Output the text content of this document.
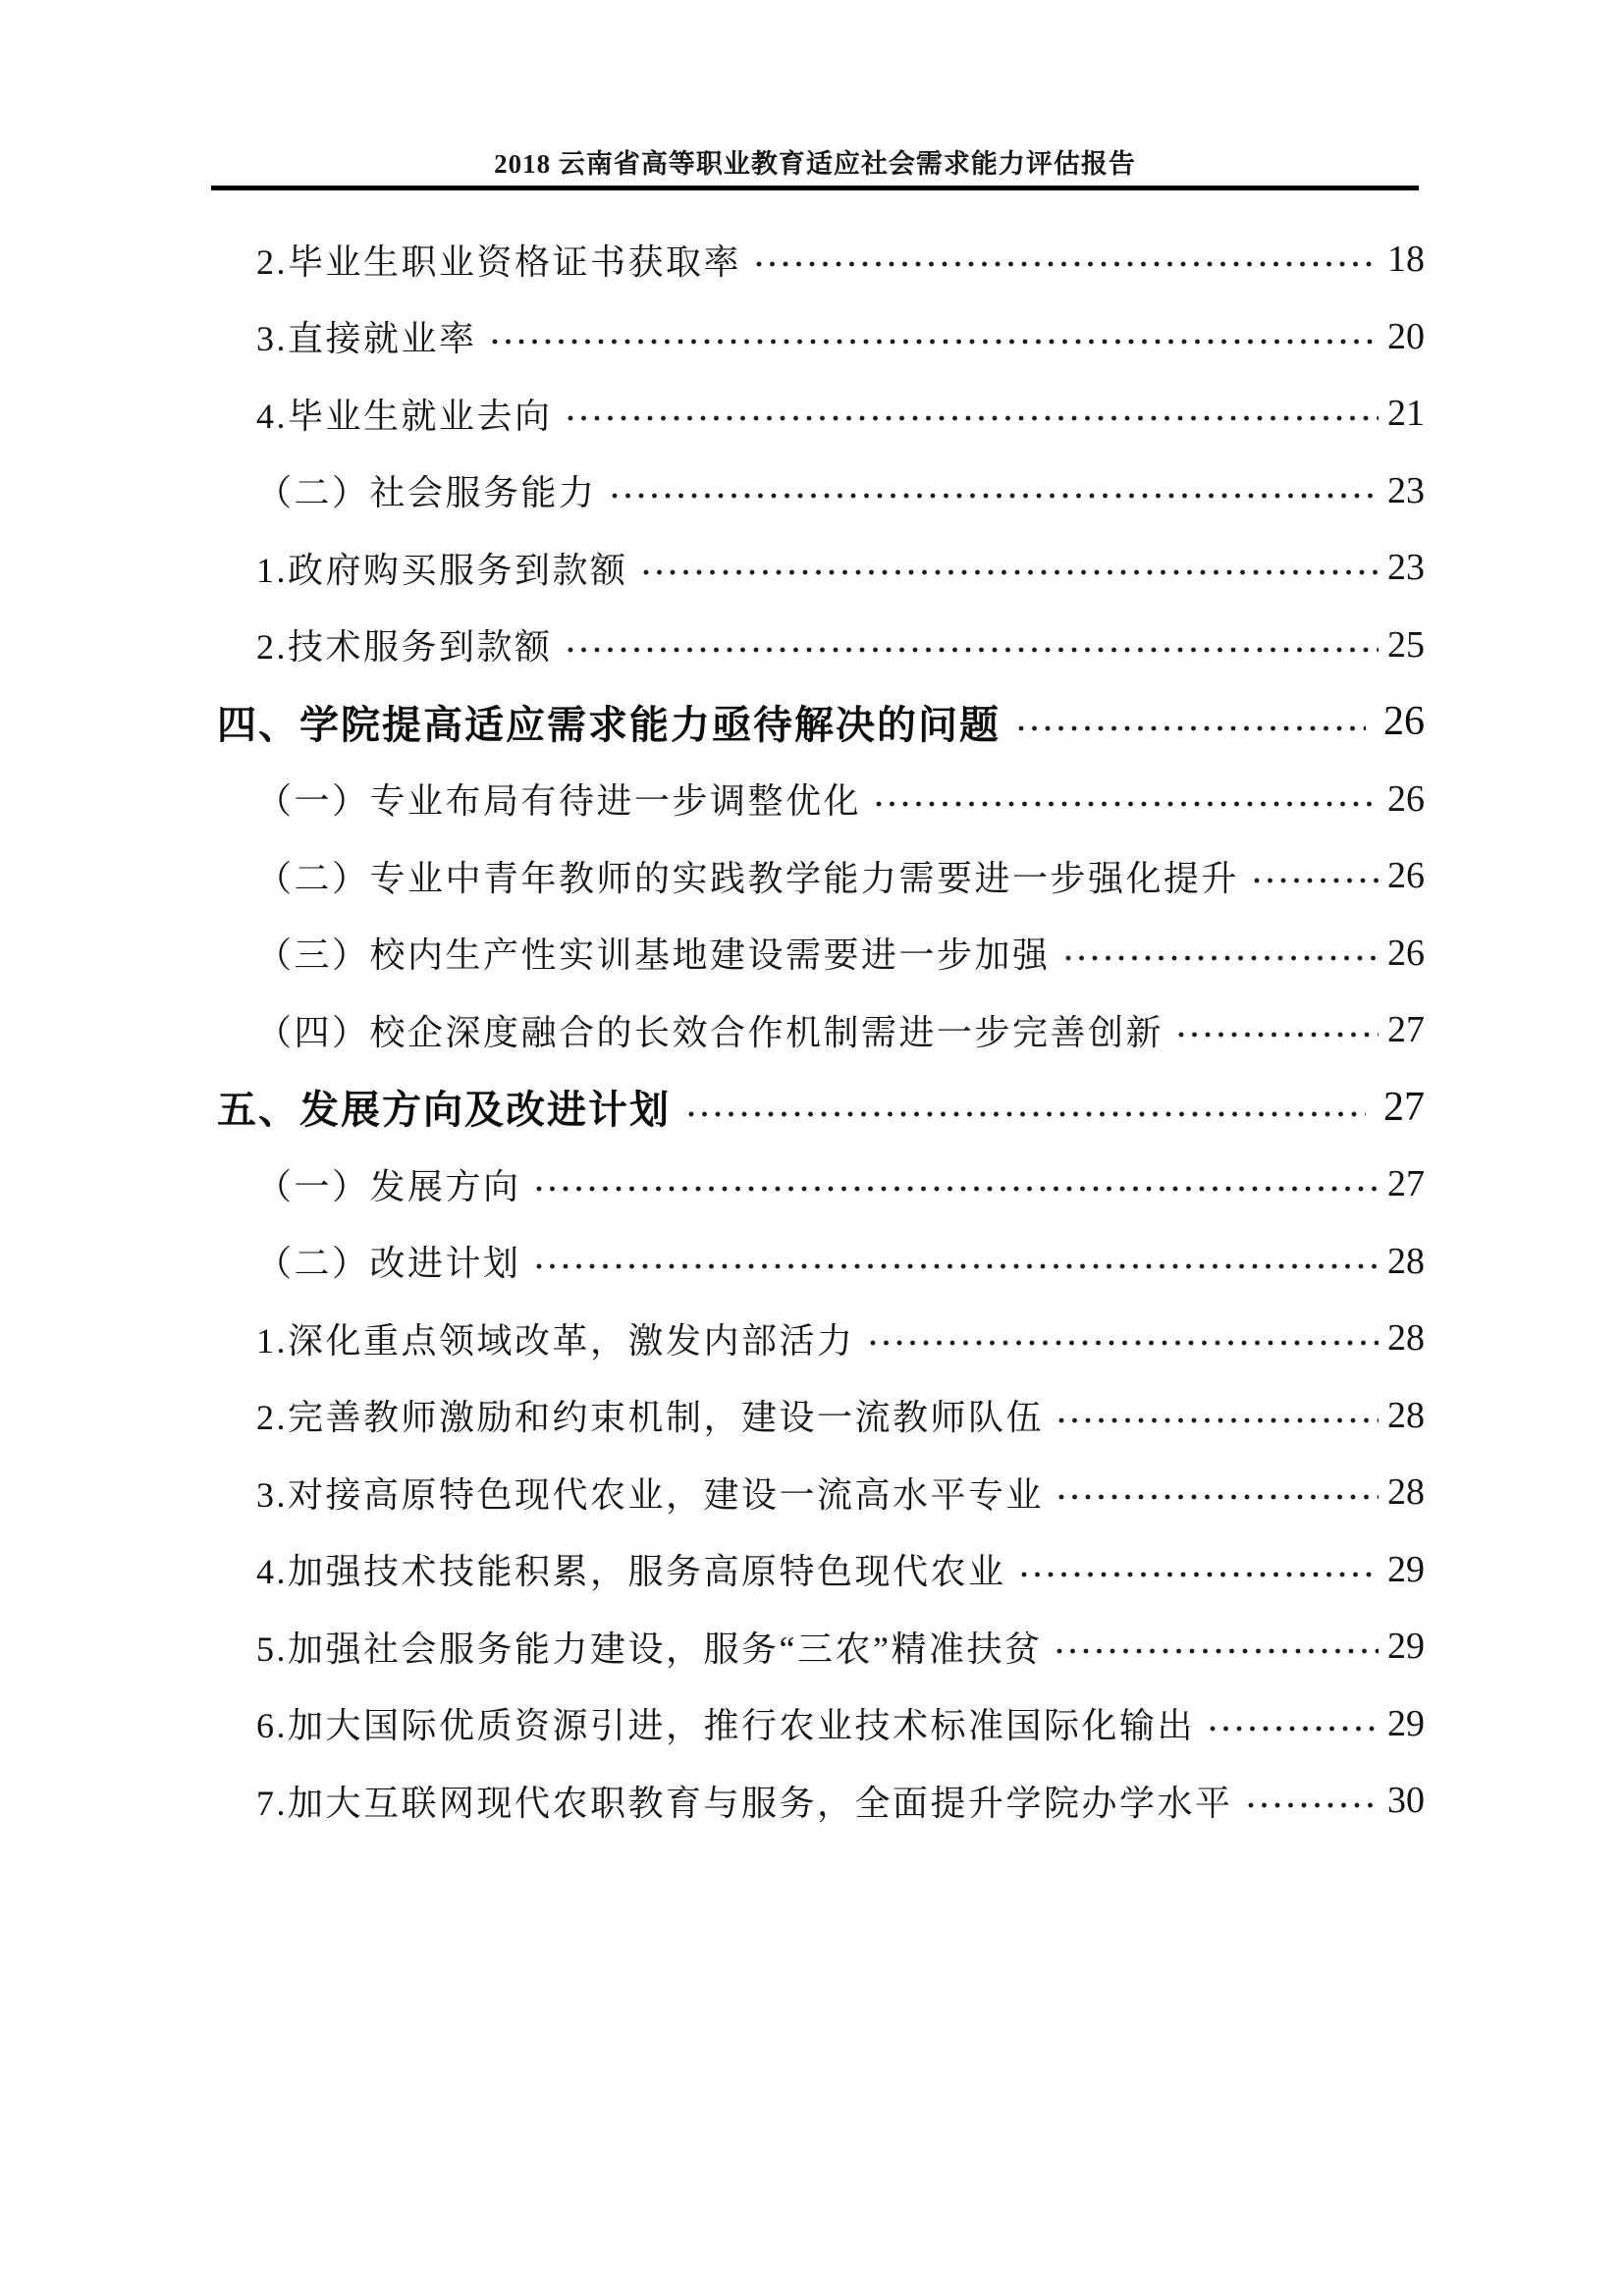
2018 云南省高等职业教育适应社会需求能力评估报告
2.毕业生职业资格证书获取率	18
3.直接就业率	20
4.毕业生就业去向	21
（二）社会服务能力	23
1.政府购买服务到款额	23
2.技术服务到款额	25
四、学院提高适应需求能力亟待解决的问题	26
（一）专业布局有待进一步调整优化	26
（二）专业中青年教师的实践教学能力需要进一步强化提升	26
（三）校内生产性实训基地建设需要进一步加强	26
（四）校企深度融合的长效合作机制需进一步完善创新	27
五、发展方向及改进计划	27
（一）发展方向	27
（二）改进计划	28
1.深化重点领域改革，激发内部活力	28
2.完善教师激励和约束机制，建设一流教师队伍	28
3.对接高原特色现代农业，建设一流高水平专业	28
4.加强技术技能积累，服务高原特色现代农业	29
5.加强社会服务能力建设，服务“三农”精准扶贫	29
6.加大国际优质资源引进，推行农业技术标准国际化输出	29
7.加大互联网现代农职教育与服务，全面提升学院办学水平	30
